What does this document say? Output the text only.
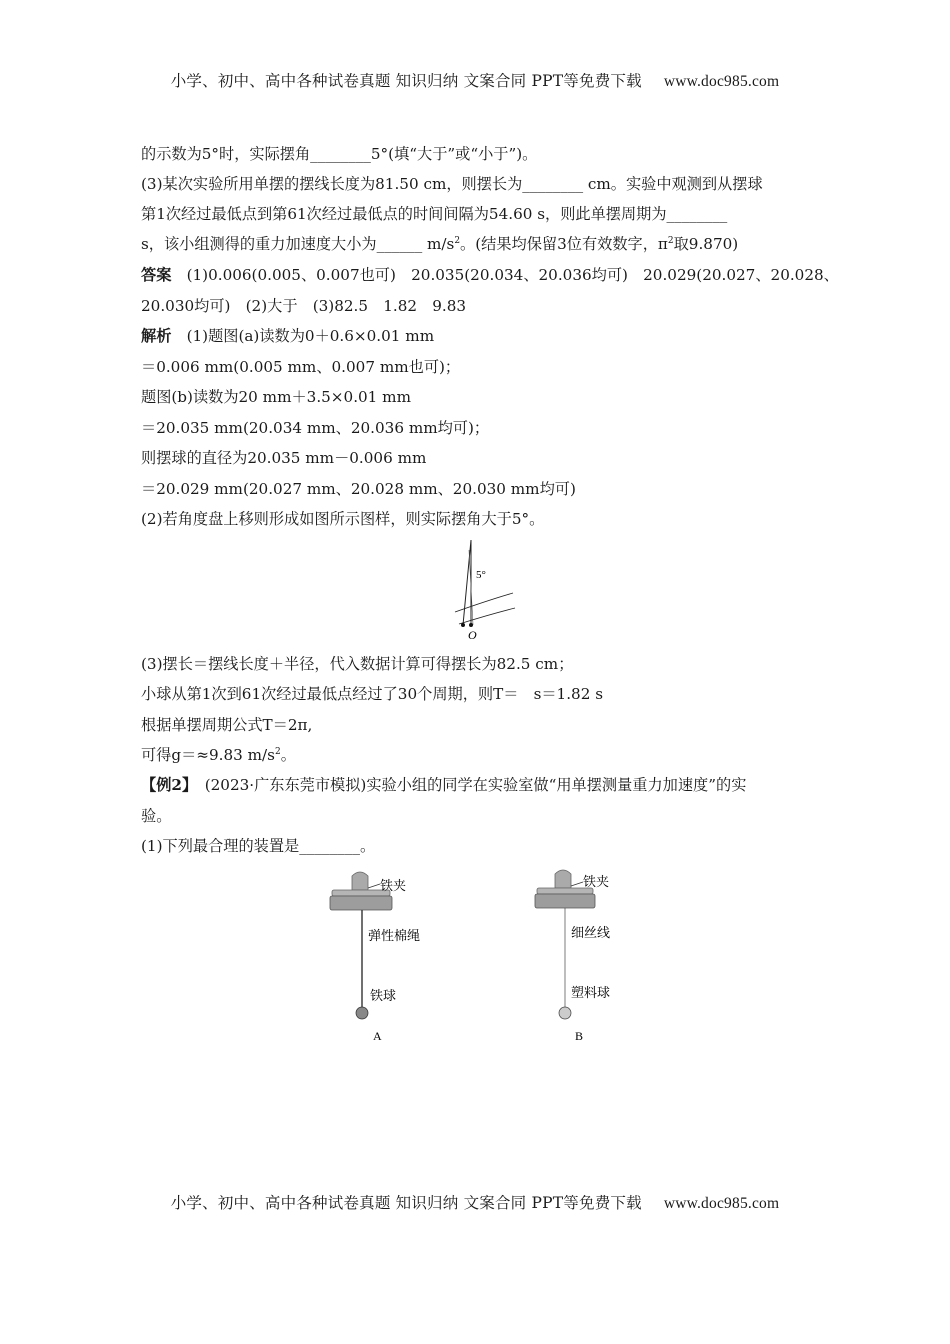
小学、初中、高中各种试卷真题 知识归纳 文案合同 PPT等免费下载 www.doc985.com
的示数为5°时，实际摆角________5°(填“大于”或“小于”)。
(3)某次实验所用单摆的摆线长度为81.50 cm，则摆长为________ cm。实验中观测到从摆球
第1次经过最低点到第61次经过最低点的时间间隔为54.60 s，则此单摆周期为________
s，该小组测得的重力加速度大小为______ $m/s^2$。(结果均保留3位有效数字，$\pi^2$取9.870)
答案　 (1)0.006(0.005、0.007也可)　20.035(20.034、20.036均可)　20.029(20.027、20.028、
20.030均可)　(2)大于　(3)82.5　1.82　9.83
解析　 (1)题图(a)读数为0＋0.6×0.01 mm
＝0.006 mm(0.005 mm、0.007 mm也可)；
题图(b)读数为20 mm＋3.5×0.01 mm
＝20.035 mm(20.034 mm、20.036 mm均可)；
则摆球的直径为20.035 mm－0.006 mm
＝20.029 mm(20.027 mm、20.028 mm、20.030 mm均可)
(2)若角度盘上移则形成如图所示图样，则实际摆角大于5°。
5°
O
(3)摆长＝摆线长度＋半径，代入数据计算可得摆长为82.5 cm；
小球从第1次到61次经过最低点经过了30个周期，则T＝　s＝1.82 s
根据单摆周期公式T＝2π,
可得g＝≈9.83 $m/s^2$。
【例2】　(2023·广东东莞市模拟)实验小组的同学在实验室做“用单摆测量重力加速度”的实
验。
(1)下列最合理的装置是________。
铁夹
弹性棉绳
铁球
A
铁夹
细丝线
塑料球
B
小学、初中、高中各种试卷真题 知识归纳 文案合同 PPT等免费下载 www.doc985.com
